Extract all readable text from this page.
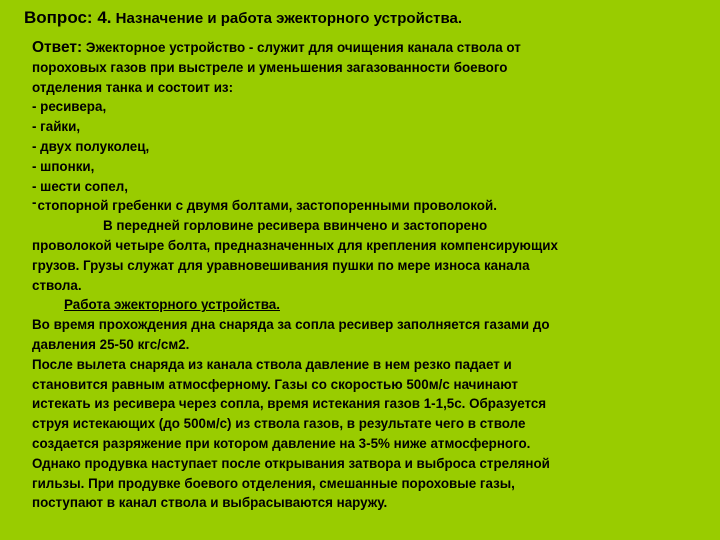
Вопрос: 4. Назначение и работа эжекторного устройства.
Ответ: Эжекторное устройство - служит для очищения канала ствола от
пороховых газов при выстреле и уменьшения загазованности боевого
отделения танка и состоит из:
- ресивера,
- гайки,
- двух полуколец,
- шпонки,
- шести сопел,
-стопорной гребенки с двумя болтами, застопоренными проволокой.
В передней горловине ресивера ввинчено и застопорено
проволокой четыре болта, предназначенных для крепления компенсирующих
грузов. Грузы служат для уравновешивания пушки по мере износа канала
ствола.
Работа эжекторного устройства.
Во время прохождения дна снаряда за сопла ресивер заполняется газами до
давления 25-50 кгс/см2.
После вылета снаряда из канала ствола давление в нем резко падает и
становится равным атмосферному. Газы со скоростью 500м/с начинают
истекать из ресивера через сопла, время истекания газов 1-1,5с. Образуется
струя истекающих (до 500м/с) из ствола газов, в результате чего в стволе
создается разряжение при котором давление на 3-5% ниже атмосферного.
Однако продувка наступает после открывания затвора и выброса стреляной
гильзы. При продувке боевого отделения, смешанные пороховые газы,
поступают в канал ствола и выбрасываются наружу.
